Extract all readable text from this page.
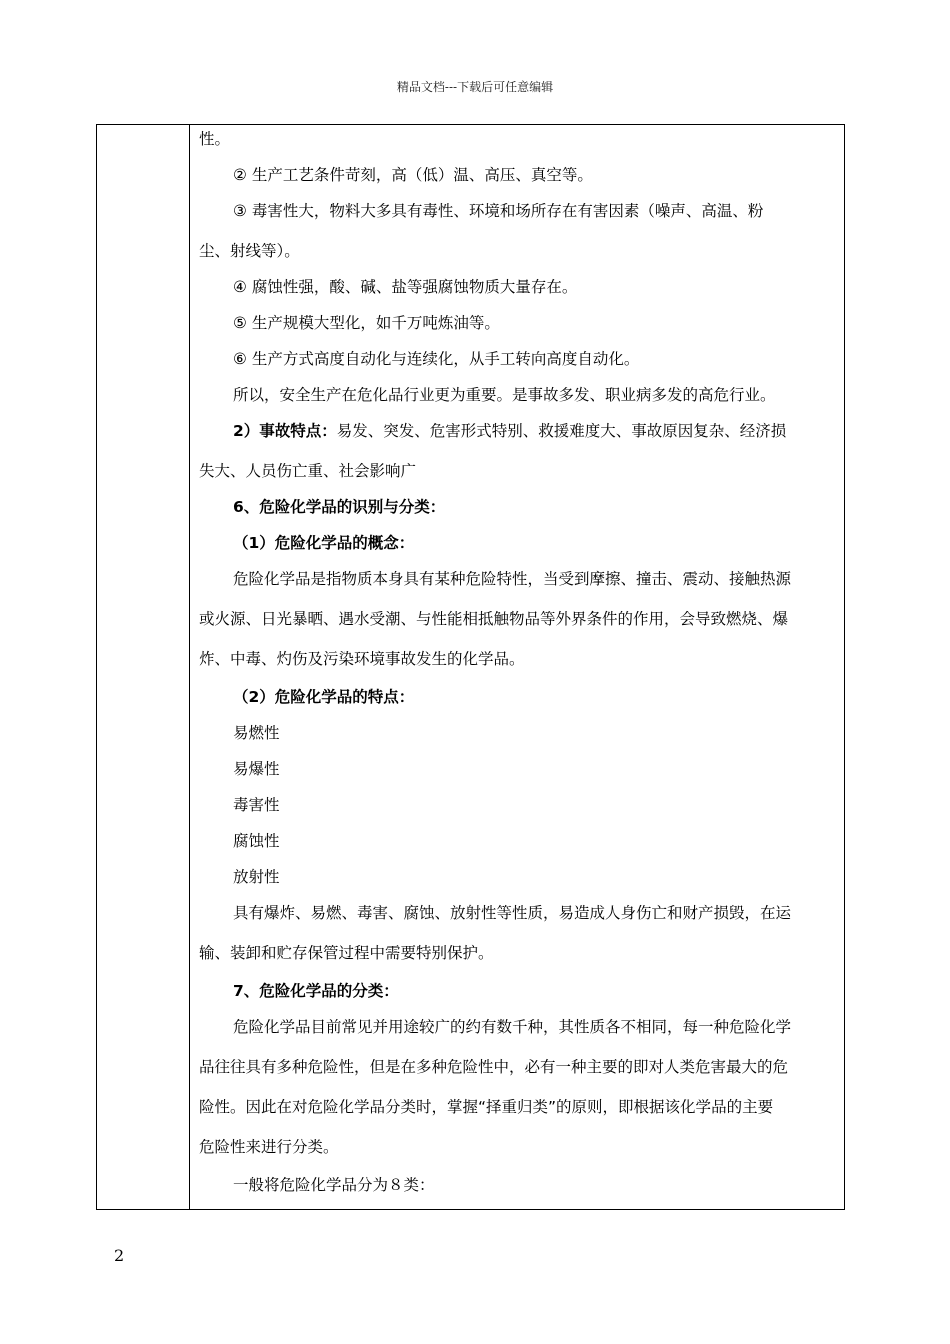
精品文档---下载后可任意编辑
性。
② 生产工艺条件苛刻，高（低）温、高压、真空等。
③ 毒害性大，物料大多具有毒性、环境和场所存在有害因素（噪声、高温、粉
尘、射线等）。
④ 腐蚀性强，酸、碱、盐等强腐蚀物质大量存在。
⑤ 生产规模大型化，如千万吨炼油等。
⑥ 生产方式高度自动化与连续化，从手工转向高度自动化。
所以，安全生产在危化品行业更为重要。是事故多发、职业病多发的高危行业。
2）事故特点：易发、突发、危害形式特别、救援难度大、事故原因复杂、经济损
失大、人员伤亡重、社会影响广
6、危险化学品的识别与分类：
（1）危险化学品的概念：
危险化学品是指物质本身具有某种危险特性，当受到摩擦、撞击、震动、接触热源
或火源、日光暴晒、遇水受潮、与性能相抵触物品等外界条件的作用，会导致燃烧、爆
炸、中毒、灼伤及污染环境事故发生的化学品。
（2）危险化学品的特点：
易燃性
易爆性
毒害性
腐蚀性
放射性
具有爆炸、易燃、毒害、腐蚀、放射性等性质，易造成人身伤亡和财产损毁，在运
输、装卸和贮存保管过程中需要特别保护。
7、危险化学品的分类：
危险化学品目前常见并用途较广的约有数千种，其性质各不相同，每一种危险化学
品往往具有多种危险性，但是在多种危险性中，必有一种主要的即对人类危害最大的危
险性。因此在对危险化学品分类时，掌握“择重归类”的原则，即根据该化学品的主要
危险性来进行分类。
一般将危险化学品分为８类：
2
